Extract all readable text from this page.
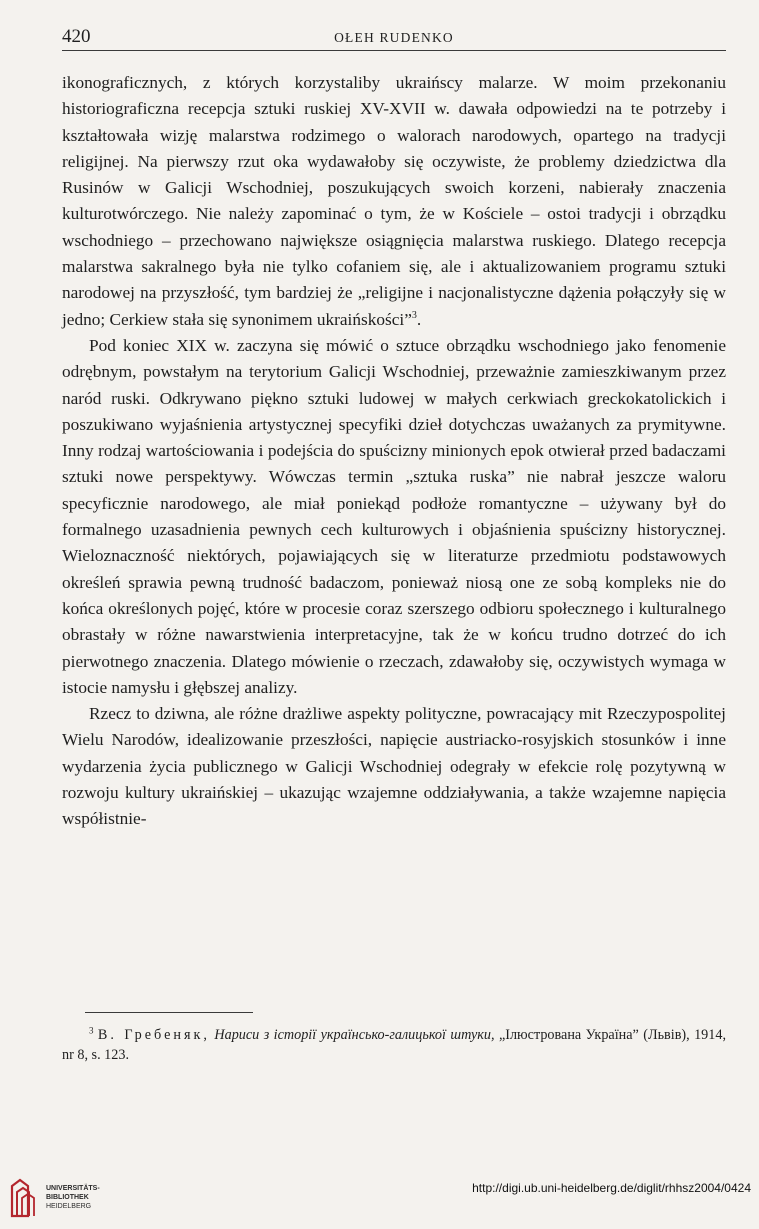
420	OŁEH RUDENKO

ikonograficznych, z których korzystaliby ukraińscy malarze. W moim przekonaniu historiograficzna recepcja sztuki ruskiej XV-XVII w. dawała odpowiedzi na te potrzeby i kształtowała wizję malarstwa rodzimego o walorach narodowych, opartego na tradycji religijnej. Na pierwszy rzut oka wydawałoby się oczywiste, że problemy dziedzictwa dla Rusinów w Galicji Wschodniej, poszukujących swoich korzeni, nabierały znaczenia kulturotwórczego. Nie należy zapominać o tym, że w Kościele – ostoi tradycji i obrządku wschodniego – przechowano największe osiągnięcia malarstwa ruskiego. Dlatego recepcja malarstwa sakralnego była nie tylko cofaniem się, ale i aktualizowaniem programu sztuki narodowej na przyszłość, tym bardziej że „religijne i nacjonalistyczne dążenia połączyły się w jedno; Cerkiew stała się synonimem ukraińskości”$^3$.

Pod koniec XIX w. zaczyna się mówić o sztuce obrządku wschodniego jako fenomenie odrębnym, powstałym na terytorium Galicji Wschodniej, przeważnie zamieszkiwanym przez naród ruski. Odkrywano piękno sztuki ludowej w małych cerkwiach greckokatolickich i poszukiwano wyjaśnienia artystycznej specyfiki dzieł dotychczas uważanych za prymitywne. Inny rodzaj wartościowania i podejścia do spuścizny minionych epok otwierał przed badaczami sztuki nowe perspektywy. Wówczas termin „sztuka ruska” nie nabrał jeszcze waloru specyficznie narodowego, ale miał poniekąd podłoże romantyczne – używany był do formalnego uzasadnienia pewnych cech kulturowych i objaśnienia spuścizny historycznej. Wieloznaczność niektórych, pojawiających się w literaturze przedmiotu podstawowych określeń sprawia pewną trudność badaczom, ponieważ niosą one ze sobą kompleks nie do końca określonych pojęć, które w procesie coraz szerszego odbioru społecznego i kulturalnego obrastały w różne nawarstwienia interpretacyjne, tak że w końcu trudno dotrzeć do ich pierwotnego znaczenia. Dlatego mówienie o rzeczach, zdawałoby się, oczywistych wymaga w istocie namysłu i głębszej analizy.

Rzecz to dziwna, ale różne drażliwe aspekty polityczne, powracający mit Rzeczypospolitej Wielu Narodów, idealizowanie przeszłości, napięcie austriacko-rosyjskich stosunków i inne wydarzenia życia publicznego w Galicji Wschodniej odegrały w efekcie rolę pozytywną w rozwoju kultury ukraińskiej – ukazując wzajemne oddziaływania, a także wzajemne napięcia współistnie-

$^3$ В. Гребеняк, Нариси з історії українсько-галицької штуки, „Ілюстрована Україна” (Львів), 1914, nr 8, s. 123.

UNIVERSITÄTS-
BIBLIOTHEK
HEIDELBERG
http://digi.ub.uni-heidelberg.de/diglit/rhhsz2004/0424
